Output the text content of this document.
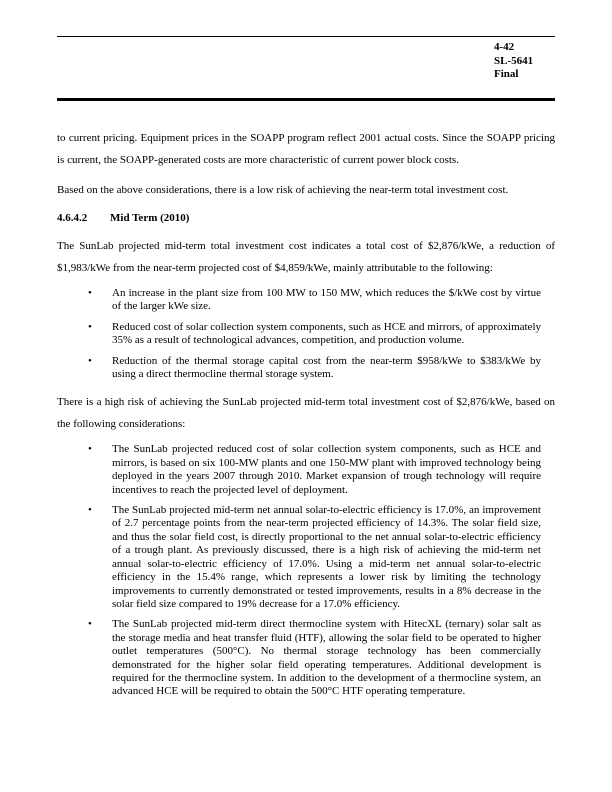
4-42
SL-5641
Final

to current pricing. Equipment prices in the SOAPP program reflect 2001 actual costs. Since the SOAPP pricing is current, the SOAPP-generated costs are more characteristic of current power block costs.

Based on the above considerations, there is a low risk of achieving the near-term total investment cost.

4.6.4.2 Mid Term (2010)

The SunLab projected mid-term total investment cost indicates a total cost of $2,876/kWe, a reduction of $1,983/kWe from the near-term projected cost of $4,859/kWe, mainly attributable to the following:

•	An increase in the plant size from 100 MW to 150 MW, which reduces the $/kWe cost by virtue of the larger kWe size.
•	Reduced cost of solar collection system components, such as HCE and mirrors, of approximately 35% as a result of technological advances, competition, and production volume.
•	Reduction of the thermal storage capital cost from the near-term $958/kWe to $383/kWe by using a direct thermocline thermal storage system.

There is a high risk of achieving the SunLab projected mid-term total investment cost of $2,876/kWe, based on the following considerations:

•	The SunLab projected reduced cost of solar collection system components, such as HCE and mirrors, is based on six 100-MW plants and one 150-MW plant with improved technology being deployed in the years 2007 through 2010. Market expansion of trough technology will require incentives to reach the projected level of deployment.
•	The SunLab projected mid-term net annual solar-to-electric efficiency is 17.0%, an improvement of 2.7 percentage points from the near-term projected efficiency of 14.3%. The solar field size, and thus the solar field cost, is directly proportional to the net annual solar-to-electric efficiency of a trough plant. As previously discussed, there is a high risk of achieving the mid-term net annual solar-to-electric efficiency of 17.0%. Using a mid-term net annual solar-to-electric efficiency in the 15.4% range, which represents a lower risk by limiting the technology improvements to currently demonstrated or tested improvements, results in a 8% decrease in the solar field size compared to 19% decrease for a 17.0% efficiency.
•	The SunLab projected mid-term direct thermocline system with HitecXL (ternary) solar salt as the storage media and heat transfer fluid (HTF), allowing the solar field to be operated to higher outlet temperatures (500°C). No thermal storage technology has been commercially demonstrated for the higher solar field operating temperatures. Additional development is required for the thermocline system. In addition to the development of a thermocline system, an advanced HCE will be required to obtain the 500°C HTF operating temperature.
